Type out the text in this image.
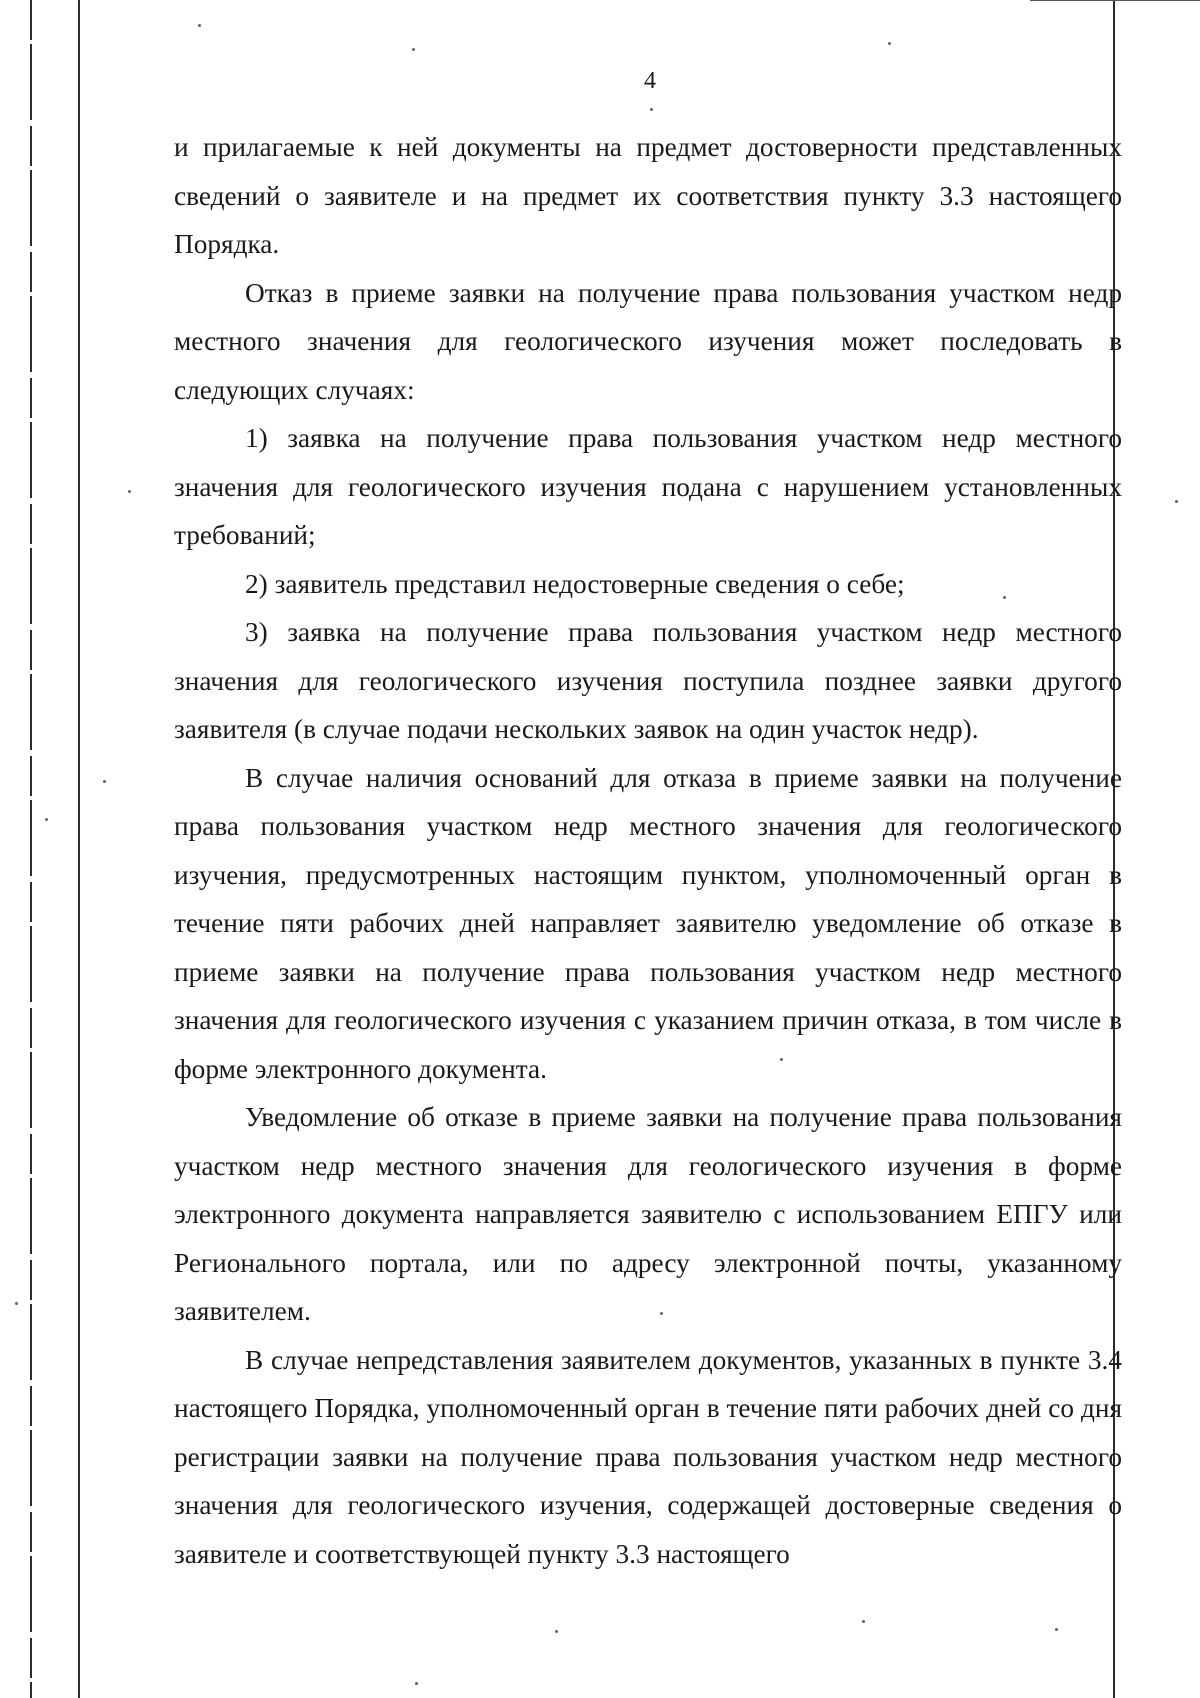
4

и прилагаемые к ней документы на предмет достоверности представленных сведений о заявителе и на предмет их соответствия пункту 3.3 настоящего Порядка.

Отказ в приеме заявки на получение права пользования участком недр местного значения для геологического изучения может последовать в следующих случаях:

1) заявка на получение права пользования участком недр местного значения для геологического изучения подана с нарушением установленных требований;

2) заявитель представил недостоверные сведения о себе;

3) заявка на получение права пользования участком недр местного значения для геологического изучения поступила позднее заявки другого заявителя (в случае подачи нескольких заявок на один участок недр).

В случае наличия оснований для отказа в приеме заявки на получение права пользования участком недр местного значения для геологического изучения, предусмотренных настоящим пунктом, уполномоченный орган в течение пяти рабочих дней направляет заявителю уведомление об отказе в приеме заявки на получение права пользования участком недр местного значения для геологического изучения с указанием причин отказа, в том числе в форме электронного документа.

Уведомление об отказе в приеме заявки на получение права пользования участком недр местного значения для геологического изучения в форме электронного документа направляется заявителю с использованием ЕПГУ или Регионального портала, или по адресу электронной почты, указанному заявителем.

В случае непредставления заявителем документов, указанных в пункте 3.4 настоящего Порядка, уполномоченный орган в течение пяти рабочих дней со дня регистрации заявки на получение права пользования участком недр местного значения для геологического изучения, содержащей достоверные сведения о заявителе и соответствующей пункту 3.3 настоящего
